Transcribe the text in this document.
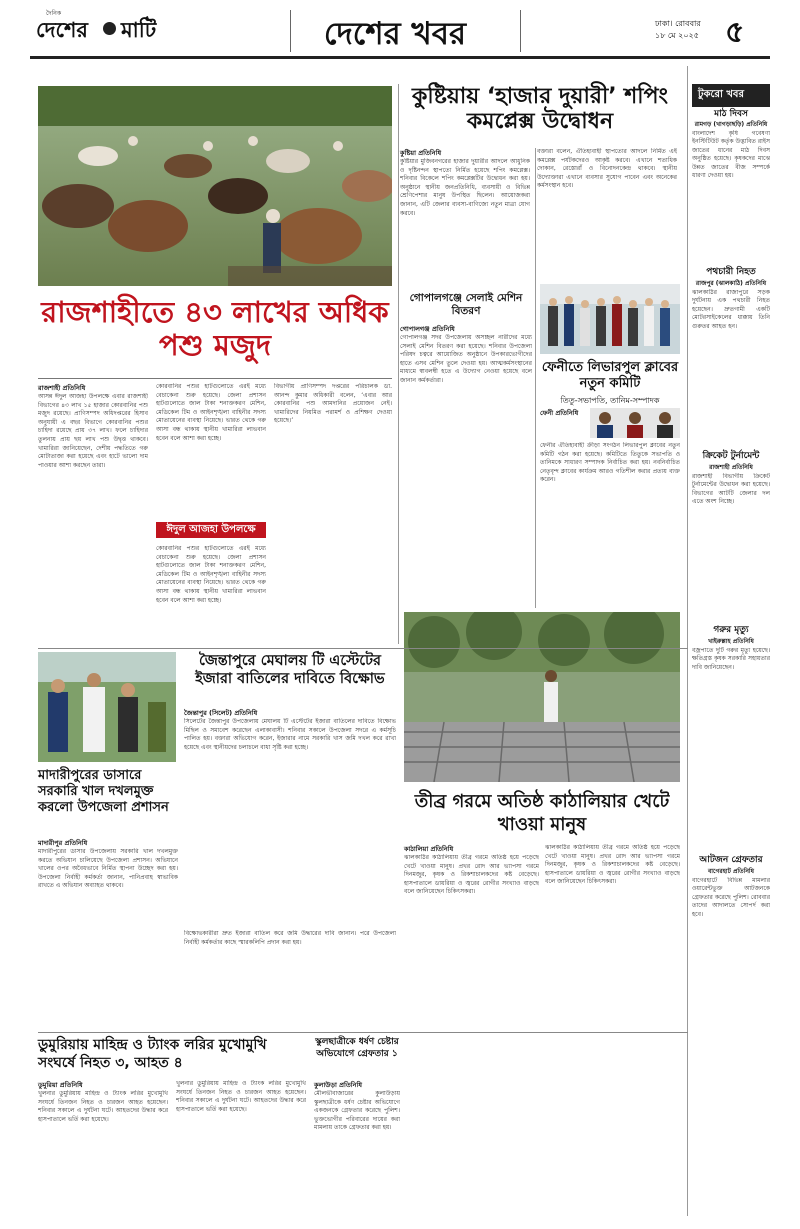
দৈনিক
দেশের মাটি	দেশের খবর	ঢাকা। রোববার
১৮ মে ২০২৫ ৫
রাজশাহীতে ৪৩ লাখের অধিক পশু মজুদ
রাজশাহী প্রতিনিধি
আসন্ন ঈদুল আজহা উপলক্ষে এবার রাজশাহী বিভাগের ৪৩ লাখ ১৫ হাজার কোরবানির পশু মজুদ রয়েছে। প্রাণিসম্পদ অধিদপ্তরের হিসাব অনুযায়ী এ বছর বিভাগে কোরবানির পশুর চাহিদা রয়েছে প্রায় ৩৭ লাখ। ফলে চাহিদার তুলনায় প্রায় ছয় লাখ পশু উদ্বৃত্ত থাকবে। খামারিরা জানিয়েছেন, দেশীয় পদ্ধতিতে গরু মোটাতাজা করা হয়েছে এবং হাটে ভালো দাম পাওয়ার আশা করছেন তারা।
কোরবানির পশুর হাটগুলোতে এরই মধ্যে বেচাকেনা শুরু হয়েছে। জেলা প্রশাসন হাটগুলোতে জাল টাকা শনাক্তকরণ মেশিন, মেডিকেল টিম ও আইনশৃঙ্খলা বাহিনীর সদস্য মোতায়েনের ব্যবস্থা নিয়েছে। ভারত থেকে গরু আসা বন্ধ থাকায় স্থানীয় খামারিরা লাভবান হবেন বলে আশা করা হচ্ছে।
ঈদুল আজহা উপলক্ষে
কোরবানির পশুর হাটগুলোতে এরই মধ্যে বেচাকেনা শুরু হয়েছে। জেলা প্রশাসন হাটগুলোতে জাল টাকা শনাক্তকরণ মেশিন, মেডিকেল টিম ও আইনশৃঙ্খলা বাহিনীর সদস্য মোতায়েনের ব্যবস্থা নিয়েছে। ভারত থেকে গরু আসা বন্ধ থাকায় স্থানীয় খামারিরা লাভবান হবেন বলে আশা করা হচ্ছে।
বিভাগীয় প্রাণিসম্পদ দপ্তরের পরিচালক ডা. আনন্দ কুমার অধিকারী বলেন, ‘এবার আর কোরবানির পশু আমদানির প্রয়োজন নেই। খামারিদের নিয়মিত পরামর্শ ও প্রশিক্ষণ দেওয়া হয়েছে।’
কুষ্টিয়ায় ‘হাজার দুয়ারী’ শপিং কমপ্লেক্স উদ্বোধন
কুষ্টিয়া প্রতিনিধি
কুষ্টিয়ার মুজিবনগরের হাজার দুয়ারীর আদলে আধুনিক ও দৃষ্টিনন্দন স্থাপত্যে নির্মিত হয়েছে শপিং কমপ্লেক্স। শনিবার বিকেলে শপিং কমপ্লেক্সটির উদ্বোধন করা হয়। অনুষ্ঠানে স্থানীয় জনপ্রতিনিধি, ব্যবসায়ী ও বিভিন্ন শ্রেণিপেশার মানুষ উপস্থিত ছিলেন। আয়োজকরা জানান, এটি জেলার ব্যবসা-বাণিজ্যে নতুন মাত্রা যোগ করবে।
বক্তারা বলেন, ঐতিহ্যবাহী স্থাপত্যের আদলে নির্মিত এই কমপ্লেক্স পর্যটকদেরও আকৃষ্ট করবে। এখানে শতাধিক দোকান, রেস্তোরাঁ ও বিনোদনকেন্দ্র থাকবে। স্থানীয় উদ্যোক্তারা এখানে ব্যবসার সুযোগ পাবেন এবং অনেকের কর্মসংস্থান হবে।
গোপালগঞ্জে সেলাই মেশিন বিতরণ
গোপালগঞ্জ প্রতিনিধি
গোপালগঞ্জ সদর উপজেলায় অসচ্ছল নারীদের মধ্যে সেলাই মেশিন বিতরণ করা হয়েছে। শনিবার উপজেলা পরিষদ চত্বরে আয়োজিত অনুষ্ঠানে উপকারভোগীদের হাতে এসব মেশিন তুলে দেওয়া হয়। আত্মকর্মসংস্থানের মাধ্যমে স্বাবলম্বী হতে এ উদ্যোগ নেওয়া হয়েছে বলে জানান কর্মকর্তারা।
ফেনীতে লিভারপুল ক্লাবের নতুন কমিটি
তিতু-সভাপতি, তানিম-সম্পাদক
ফেনী প্রতিনিধি
ফেনীর ঐতিহ্যবাহী ক্রীড়া সংগঠন লিভারপুল ক্লাবের নতুন কমিটি গঠন করা হয়েছে। কমিটিতে তিতুকে সভাপতি ও তানিমকে সাধারণ সম্পাদক নির্বাচিত করা হয়। নবনির্বাচিত নেতৃবৃন্দ ক্লাবের কার্যক্রম আরও গতিশীল করার প্রত্যয় ব্যক্ত করেন।
জৈন্তাপুরে মেঘালয় টি এস্টেটের ইজারা বাতিলের দাবিতে বিক্ষোভ
জৈন্তাপুর (সিলেট) প্রতিনিধি
সিলেটের জৈন্তাপুর উপজেলায় মেঘালয় টি এস্টেটের ইজারা বাতিলের দাবিতে বিক্ষোভ মিছিল ও সমাবেশ করেছেন এলাকাবাসী। শনিবার সকালে উপজেলা সদরে এ কর্মসূচি পালিত হয়। বক্তারা অভিযোগ করেন, ইজারার নামে সরকারি খাস জমি দখল করে রাখা হয়েছে এবং স্থানীয়দের চলাচলে বাধা সৃষ্টি করা হচ্ছে।
মাদারীপুরের ডাসারে সরকারি খাল দখলমুক্ত করলো উপজেলা প্রশাসন
মাদারীপুর প্রতিনিধি
মাদারীপুরের ডাসার উপজেলায় সরকারি খাল দখলমুক্ত করতে অভিযান চালিয়েছে উপজেলা প্রশাসন। অভিযানে খালের ওপর অবৈধভাবে নির্মিত স্থাপনা উচ্ছেদ করা হয়। উপজেলা নির্বাহী কর্মকর্তা জানান, পানিপ্রবাহ স্বাভাবিক রাখতে এ অভিযান অব্যাহত থাকবে।
বিক্ষোভকারীরা দ্রুত ইজারা বাতিল করে জমি উদ্ধারের দাবি জানান। পরে উপজেলা নির্বাহী কর্মকর্তার কাছে স্মারকলিপি প্রদান করা হয়।
তীব্র গরমে অতিষ্ঠ কাঠালিয়ার খেটে খাওয়া মানুষ
কাঠালিয়া প্রতিনিধি
ঝালকাঠির কাঠালিয়ায় তীব্র গরমে অতিষ্ঠ হয়ে পড়েছে খেটে খাওয়া মানুষ। প্রখর রোদ আর ভ্যাপসা গরমে দিনমজুর, কৃষক ও রিকশাচালকদের কষ্ট বেড়েছে। হাসপাতালে ডায়রিয়া ও জ্বরের রোগীর সংখ্যাও বাড়ছে বলে জানিয়েছেন চিকিৎসকরা।
ঝালকাঠির কাঠালিয়ায় তীব্র গরমে অতিষ্ঠ হয়ে পড়েছে খেটে খাওয়া মানুষ। প্রখর রোদ আর ভ্যাপসা গরমে দিনমজুর, কৃষক ও রিকশাচালকদের কষ্ট বেড়েছে। হাসপাতালে ডায়রিয়া ও জ্বরের রোগীর সংখ্যাও বাড়ছে বলে জানিয়েছেন চিকিৎসকরা।
ডুমুরিয়ায় মাহিন্দ্র ও ট্যাংক লরির মুখোমুখি সংঘর্ষে নিহত ৩, আহত ৪
ডুমুরিয়া প্রতিনিধি
খুলনার ডুমুরিয়ায় মাহিন্দ্র ও ট্যাংক লরির মুখোমুখি সংঘর্ষে তিনজন নিহত ও চারজন আহত হয়েছেন। শনিবার সকালে এ দুর্ঘটনা ঘটে। আহতদের উদ্ধার করে হাসপাতালে ভর্তি করা হয়েছে।
খুলনার ডুমুরিয়ায় মাহিন্দ্র ও ট্যাংক লরির মুখোমুখি সংঘর্ষে তিনজন নিহত ও চারজন আহত হয়েছেন। শনিবার সকালে এ দুর্ঘটনা ঘটে। আহতদের উদ্ধার করে হাসপাতালে ভর্তি করা হয়েছে।
স্কুলছাত্রীকে ধর্ষণ চেষ্টার অভিযোগে গ্রেফতার ১
কুলাউড়া প্রতিনিধি
মৌলভীবাজারের কুলাউড়ায় স্কুলছাত্রীকে ধর্ষণ চেষ্টার অভিযোগে একজনকে গ্রেফতার করেছে পুলিশ। ভুক্তভোগীর পরিবারের দায়ের করা মামলায় তাকে গ্রেফতার করা হয়।
টুকরো খবর
মাঠ দিবস
রামগড় (খাগড়াছড়ি) প্রতিনিধি
বাংলাদেশ কৃষি গবেষণা ইনস্টিটিউট কর্তৃক উদ্ভাবিত রাইস জাতের ধানের মাঠ দিবস অনুষ্ঠিত হয়েছে। কৃষকদের মাঝে উন্নত জাতের বীজ সম্পর্কে ধারণা দেওয়া হয়।
পথচারী নিহত
রাজপুর (ঝালকাঠি) প্রতিনিধি
ঝালকাঠির রাজাপুরে সড়ক দুর্ঘটনায় এক পথচারী নিহত হয়েছেন। দ্রুতগামী একটি মোটরসাইকেলের ধাক্কায় তিনি গুরুতর আহত হন।
ক্রিকেট টুর্নামেন্ট
রাজশাহী প্রতিনিধি
রাজশাহী বিভাগীয় ক্রিকেট টুর্নামেন্টের উদ্বোধন করা হয়েছে। বিভাগের আটটি জেলার দল এতে অংশ নিচ্ছে।
গরুর মৃত্যু
খাইরুল্লাহ প্রতিনিধি
বজ্রপাতে দুটি গরুর মৃত্যু হয়েছে। ক্ষতিগ্রস্ত কৃষক সরকারি সহায়তার দাবি জানিয়েছেন।
আটজন গ্রেফতার
বাগেরহাট প্রতিনিধি
বাগেরহাটে বিভিন্ন মামলার ওয়ারেন্টভুক্ত আটজনকে গ্রেফতার করেছে পুলিশ। রোববার তাদের আদালতে সোপর্দ করা হবে।
